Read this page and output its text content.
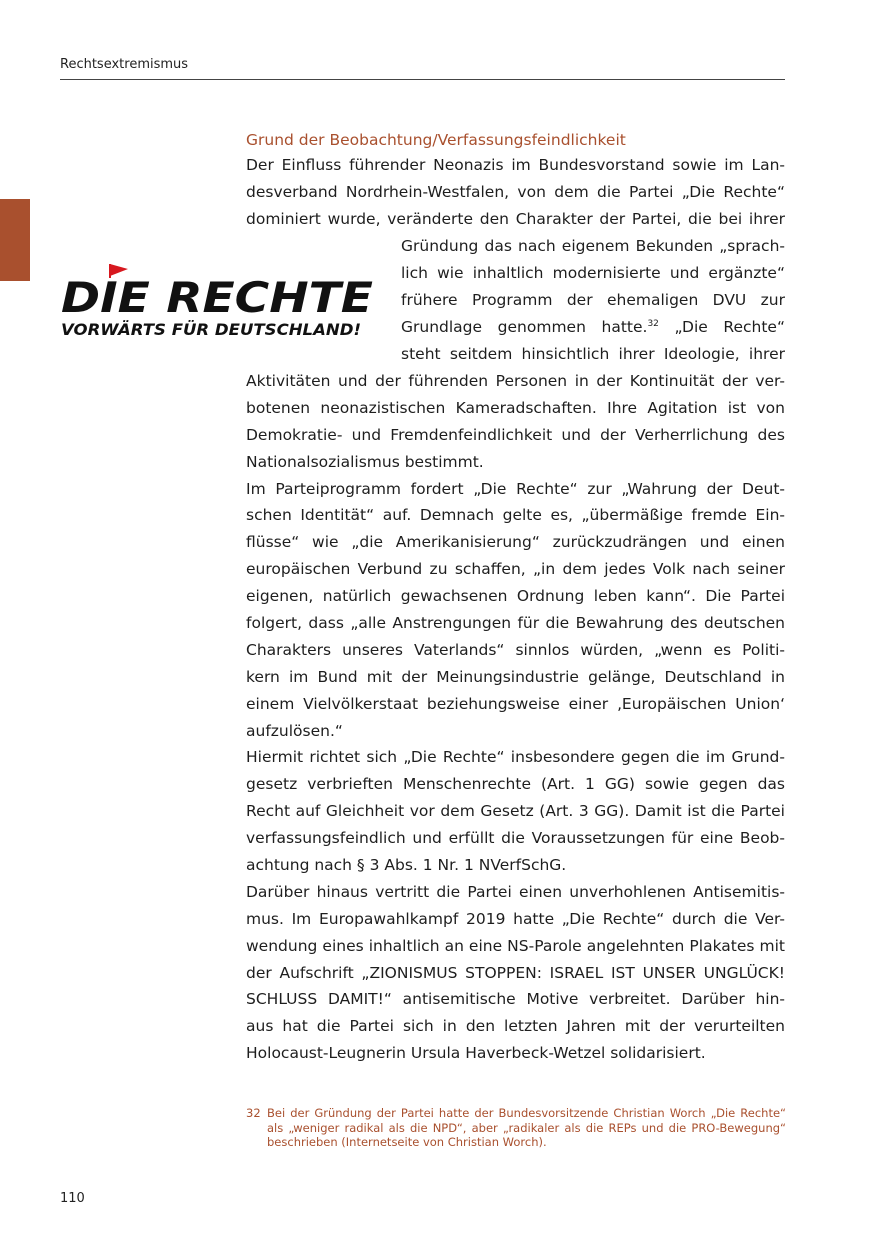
Rechtsextremismus
Grund der Beobachtung/Verfassungsfeindlichkeit
Der Einfluss führender Neonazis im Bundesvorstand sowie im Lan-
desverband Nordrhein-Westfalen, von dem die Partei „Die Rechte“
dominiert wurde, veränderte den Charakter der Partei, die bei ihrer
DIE RECHTE
VORWÄRTS FÜR DEUTSCHLAND!
Gründung das nach eigenem Bekunden „sprach-
lich wie inhaltlich modernisierte und ergänzte“
frühere Programm der ehemaligen DVU zur
Grundlage genommen hatte.$^{32}$ „Die Rechte“
steht seitdem hinsichtlich ihrer Ideologie, ihrer
Aktivitäten und der führenden Personen in der Kontinuität der ver-
botenen neonazistischen Kameradschaften. Ihre Agitation ist von
Demokratie- und Fremdenfeindlichkeit und der Verherrlichung des
Nationalsozialismus bestimmt.
Im Parteiprogramm fordert „Die Rechte“ zur „Wahrung der Deut-
schen Identität“ auf. Demnach gelte es, „übermäßige fremde Ein-
flüsse“ wie „die Amerikanisierung“ zurückzudrängen und einen
europäischen Verbund zu schaffen, „in dem jedes Volk nach seiner
eigenen, natürlich gewachsenen Ordnung leben kann“. Die Partei
folgert, dass „alle Anstrengungen für die Bewahrung des deutschen
Charakters unseres Vaterlands“ sinnlos würden, „wenn es Politi-
kern im Bund mit der Meinungsindustrie gelänge, Deutschland in
einem Vielvölkerstaat beziehungsweise einer ‚Europäischen Union‘
aufzulösen.“
Hiermit richtet sich „Die Rechte“ insbesondere gegen die im Grund-
gesetz verbrieften Menschenrechte (Art. 1 GG) sowie gegen das
Recht auf Gleichheit vor dem Gesetz (Art. 3 GG). Damit ist die Partei
verfassungsfeindlich und erfüllt die Voraussetzungen für eine Beob-
achtung nach § 3 Abs. 1 Nr. 1 NVerfSchG.
Darüber hinaus vertritt die Partei einen unverhohlenen Antisemitis-
mus. Im Europawahlkampf 2019 hatte „Die Rechte“ durch die Ver-
wendung eines inhaltlich an eine NS-Parole angelehnten Plakates mit
der Aufschrift „ZIONISMUS STOPPEN: ISRAEL IST UNSER UNGLÜCK!
SCHLUSS DAMIT!“ antisemitische Motive verbreitet. Darüber hin-
aus hat die Partei sich in den letzten Jahren mit der verurteilten
Holocaust-Leugnerin Ursula Haverbeck-Wetzel solidarisiert.
32 Bei der Gründung der Partei hatte der Bundesvorsitzende Christian Worch „Die Rechte“
als „weniger radikal als die NPD“, aber „radikaler als die REPs und die PRO-Bewegung“
beschrieben (Internetseite von Christian Worch).
110
